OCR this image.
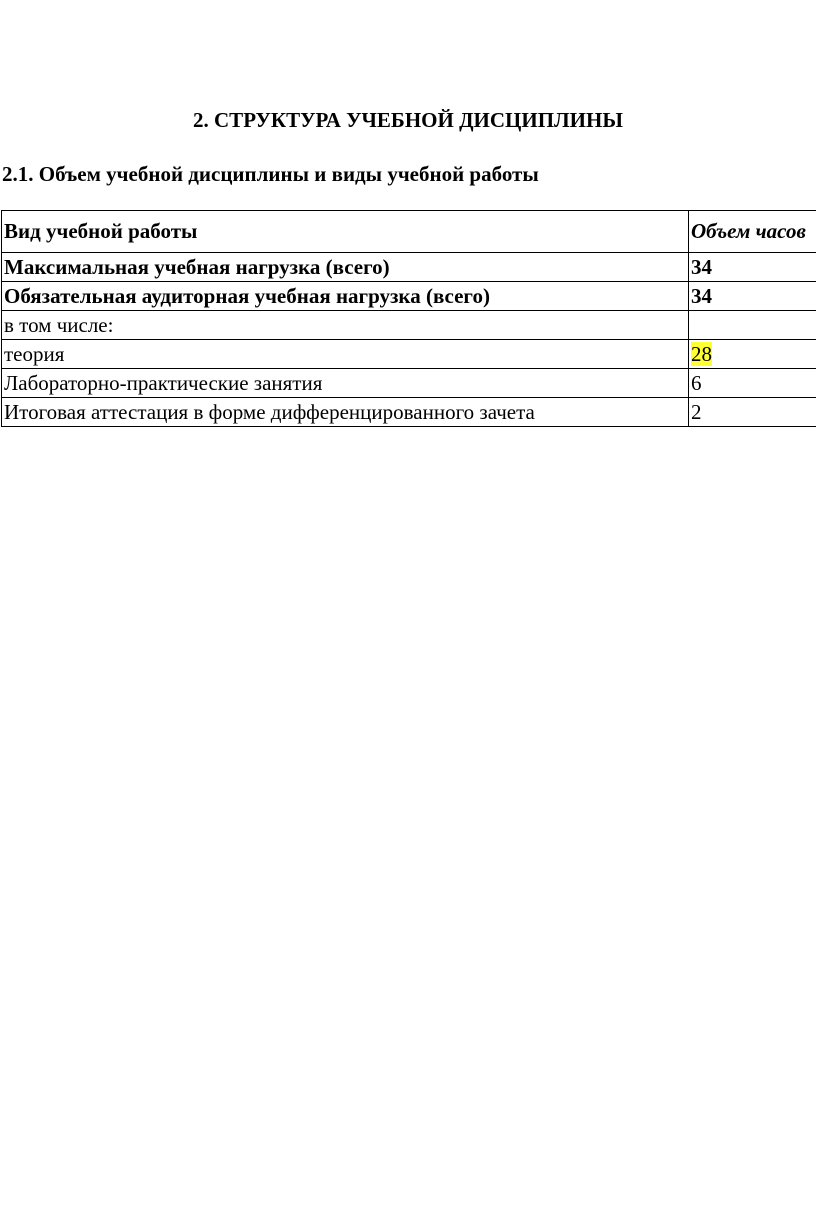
2. СТРУКТУРА УЧЕБНОЙ ДИСЦИПЛИНЫ
2.1. Объем учебной дисциплины и виды учебной работы
Вид учебной работы	Объем часов
Максимальная учебная нагрузка (всего)	34
Обязательная аудиторная учебная нагрузка (всего)	34
в том числе:	
теория	28
Лабораторно-практические занятия	6
Итоговая аттестация в форме дифференцированного зачета	2
